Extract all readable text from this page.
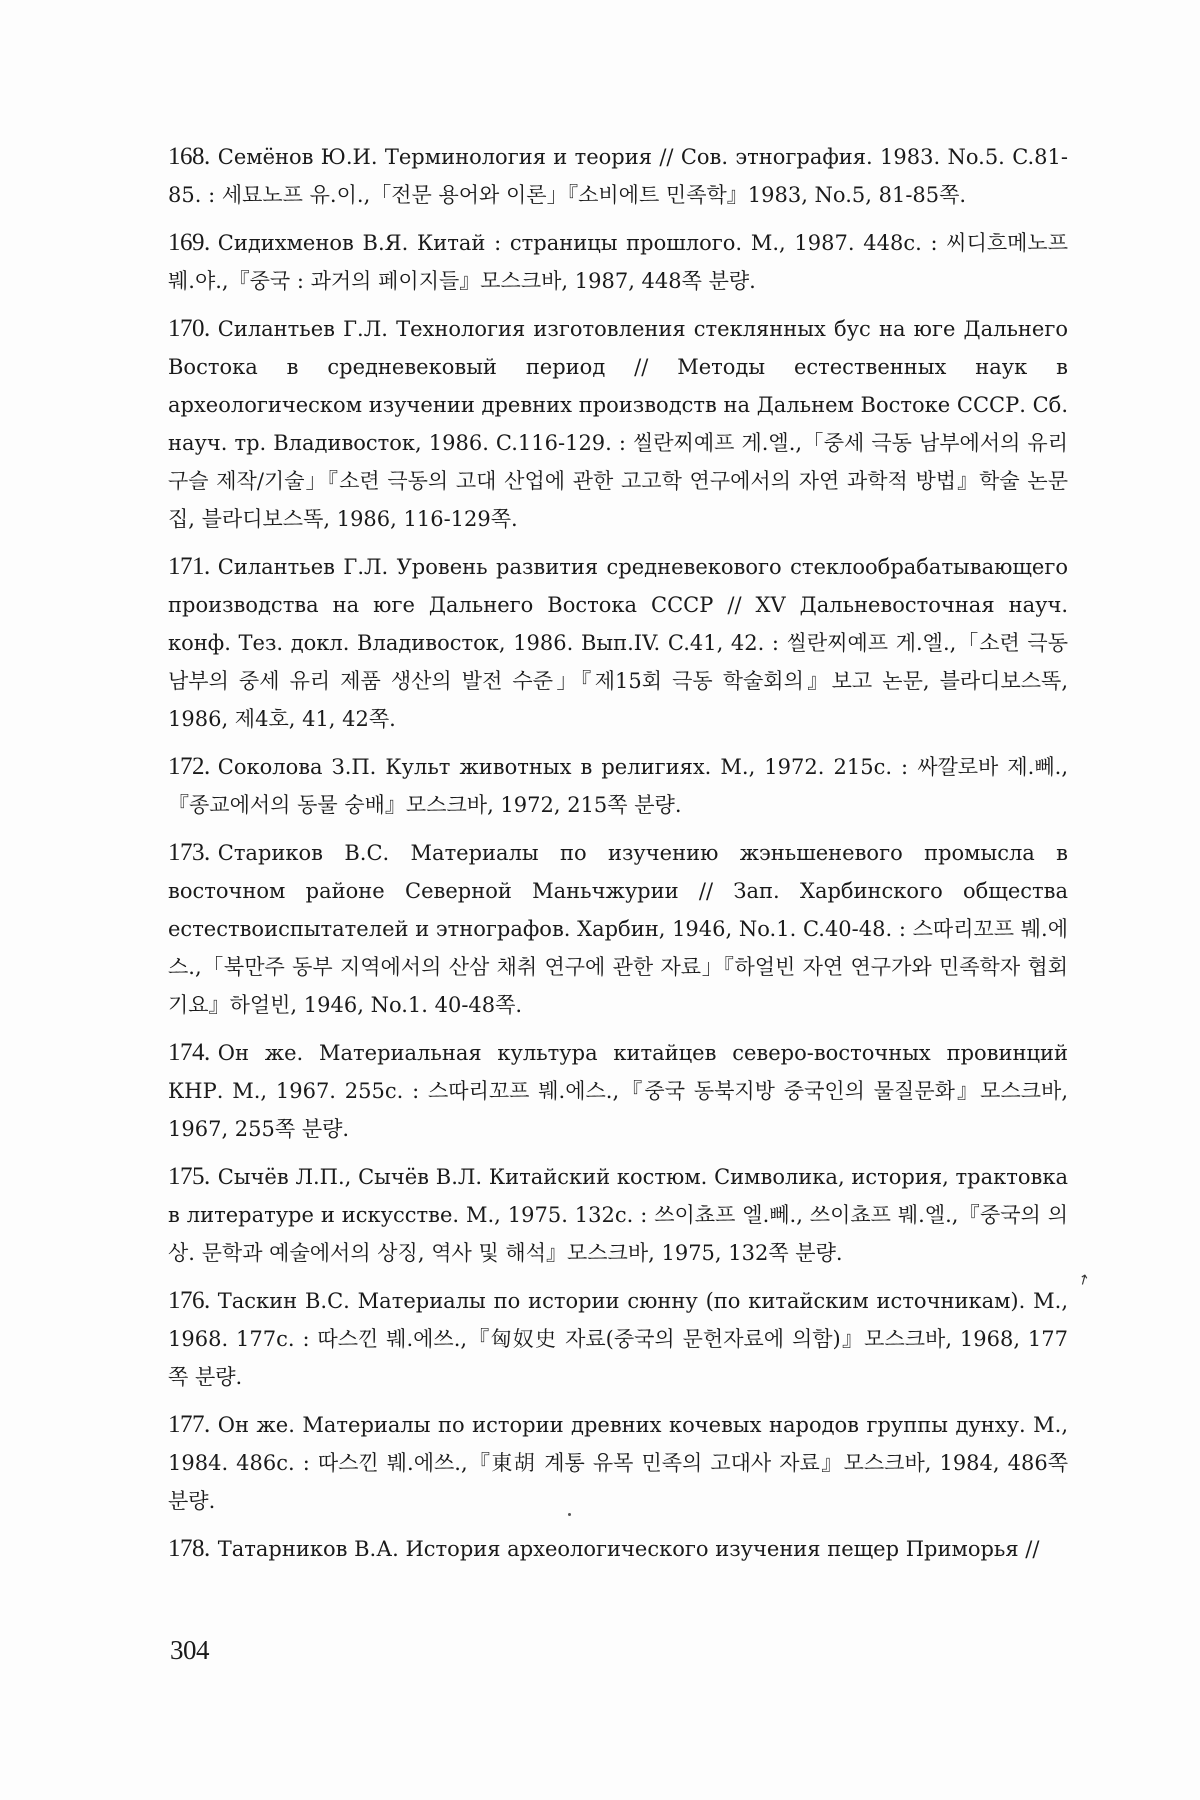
168. Семёнов Ю.И. Терминология и теория // Сов. этнография. 1983. No.5. C.81-85. : 세묘노프 유.이.,「전문 용어와 이론」『소비에트 민족학』1983, No.5, 81-85쪽.
169. Сидихменов В.Я. Китай : страницы прошлого. М., 1987. 448с. : 씨디흐메노프 붸.야.,『중국 : 과거의 페이지들』모스크바, 1987, 448쪽 분량.
170. Силантьев Г.Л. Технология изготовления стеклянных бус на юге Дальнего Востока в средневековый период // Методы естественных наук в археологическом изучении древних производств на Дальнем Востоке СССР. Сб. науч. тр. Владивосток, 1986. C.116-129. : 씰란찌예프 게.엘.,「중세 극동 남부에서의 유리 구슬 제작/기술」『소련 극동의 고대 산업에 관한 고고학 연구에서의 자연 과학적 방법』학술 논문집, 블라디보스똑, 1986, 116-129쪽.
171. Силантьев Г.Л. Уровень развития средневекового стеклообрабатывающего производства на юге Дальнего Востока СССР // XV Дальневосточная науч. конф. Тез. докл. Владивосток, 1986. Вып.IV. C.41, 42. : 씰란찌예프 게.엘.,「소련 극동 남부의 중세 유리 제품 생산의 발전 수준」『제15회 극동 학술회의』보고 논문, 블라디보스똑, 1986, 제4호, 41, 42쪽.
172. Соколова З.П. Культ животных в религиях. М., 1972. 215с. : 싸깔로바 제.뻬.,『종교에서의 동물 숭배』모스크바, 1972, 215쪽 분량.
173. Стариков В.С. Материалы по изучению жэньшеневого промысла в восточном районе Северной Маньчжурии // Зап. Харбинского общества естествоиспытателей и этнографов. Харбин, 1946, No.1. C.40-48. : 스따리꼬프 붸.에스.,「북만주 동부 지역에서의 산삼 채취 연구에 관한 자료」『하얼빈 자연 연구가와 민족학자 협회 기요』하얼빈, 1946, No.1. 40-48쪽.
174. Он же. Материальная культура китайцев северо-восточных провинций КНР. М., 1967. 255с. : 스따리꼬프 붸.에스.,『중국 동북지방 중국인의 물질문화』모스크바, 1967, 255쪽 분량.
175. Сычёв Л.П., Сычёв В.Л. Китайский костюм. Символика, история, трактовка в литературе и искусстве. М., 1975. 132с. : 쓰이쵸프 엘.뻬., 쓰이쵸프 붸.엘.,『중국의 의상. 문학과 예술에서의 상징, 역사 및 해석』모스크바, 1975, 132쪽 분량.
176. Таскин В.С. Материалы по истории сюнну (по китайским источникам). М., 1968. 177с. : 따스낀 붸.에쓰.,『匈奴史 자료(중국의 문헌자료에 의함)』모스크바, 1968, 177쪽 분량.
177. Он же. Материалы по истории древних кочевых народов группы дунху. М., 1984. 486с. : 따스낀 붸.에쓰.,『東胡 계통 유목 민족의 고대사 자료』모스크바, 1984, 486쪽 분량.
178. Татарников В.А. История археологического изучения пещер Приморья //
↗
304
